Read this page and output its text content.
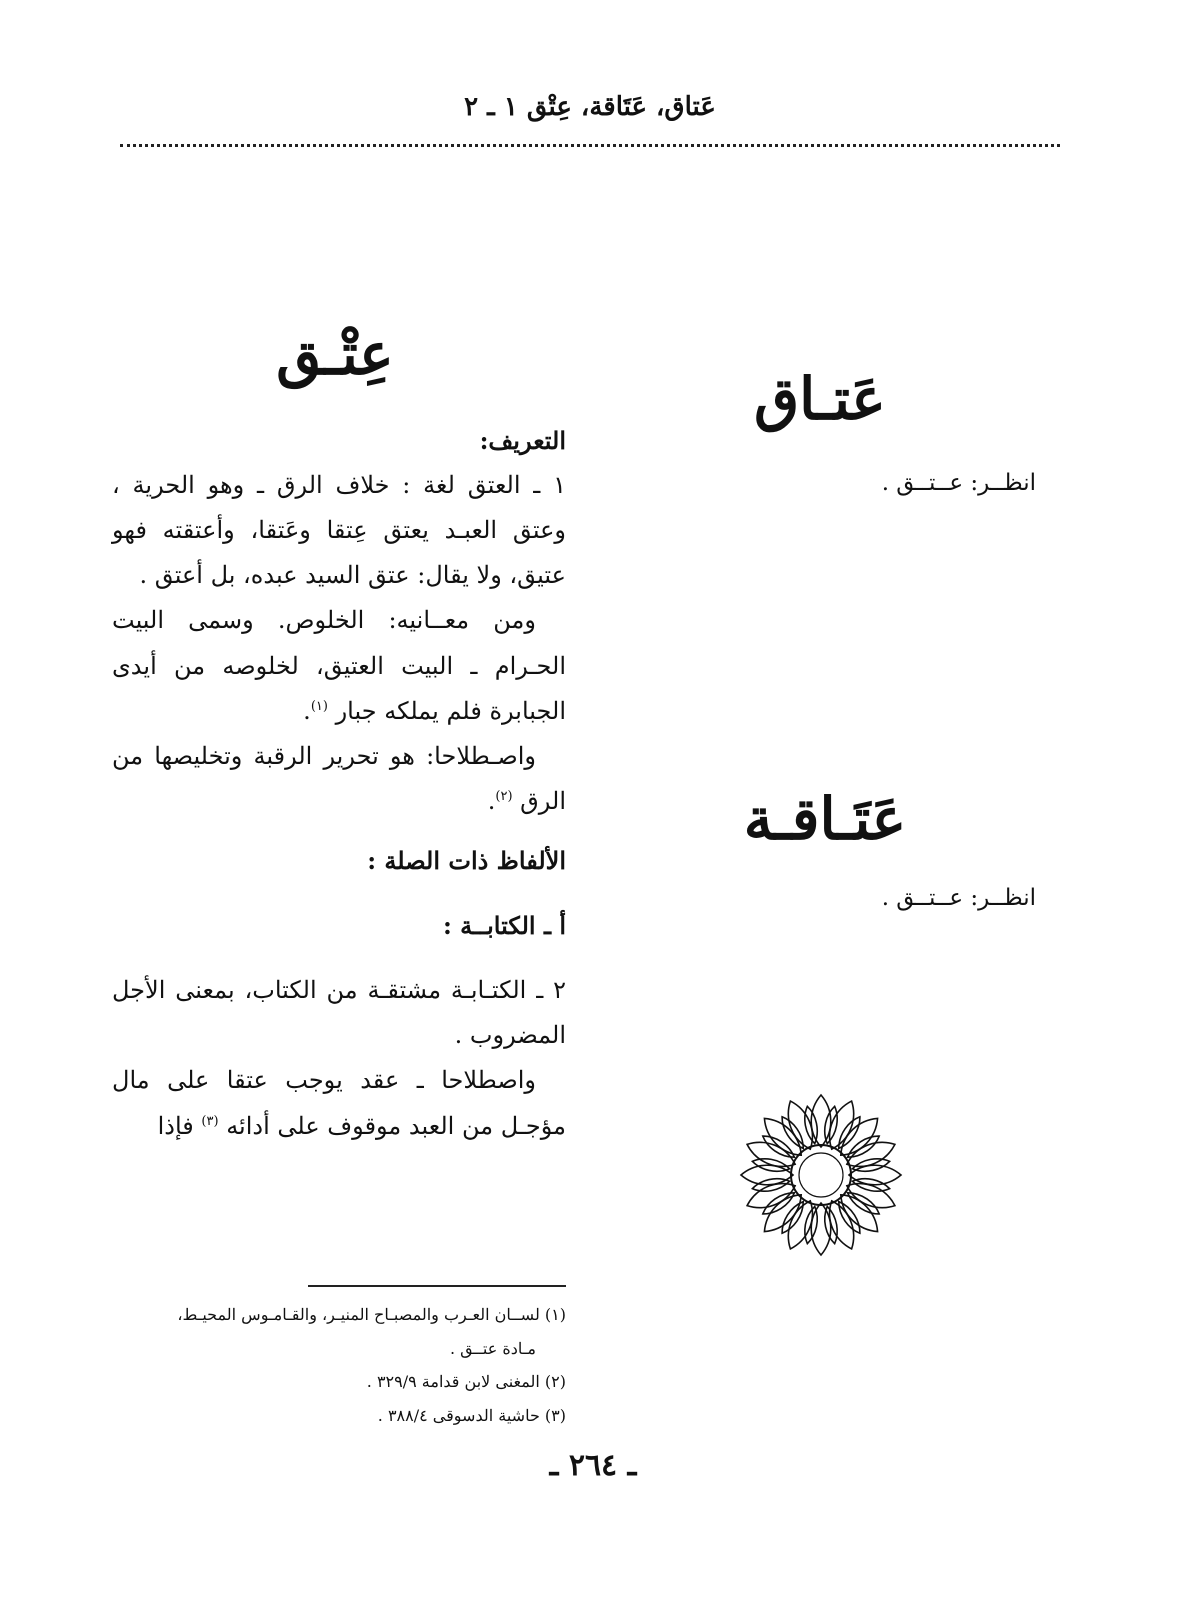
عَتاق، عَتَاقة، عِتْق ١ ـ ٢
عَتـاق
انظــر: عــتــق .
عَتَـاقـة
انظــر: عــتــق .
عِتْـق

التعريف:

١ ـ العتق لغة : خلاف الرق ـ وهو الحرية ، وعتق العبـد يعتق عِتقا وعَتقا، وأعتقته فهو عتيق، ولا يقال: عتق السيد عبده، بل أعتق .

ومن معــانيه: الخلوص. وسمى البيت الحـرام ـ البيت العتيق، لخلوصه من أيدى الجبابرة فلم يملكه جبار $^{(١)}$.

واصـطلاحا: هو تحرير الرقبة وتخليصها من الرق $^{(٢)}$.

الألفاظ ذات الصلة :

أ ـ الكتابــة :

٢ ـ الكتـابـة مشتقـة من الكتاب، بمعنى الأجل المضروب .

واصطلاحا ـ عقد يوجب عتقا على مال مؤجـل من العبد موقوف على أدائه $^{(٣)}$ فإذا

(١) لســان العـرب والمصبـاح المنيـر، والقـامـوس المحيـط،
مـادة عتــق .
(٢) المغنى لابن قدامة ٣٢٩/٩ .
(٣) حاشية الدسوقى ٣٨٨/٤ .
ـ ٢٦٤ ـ
